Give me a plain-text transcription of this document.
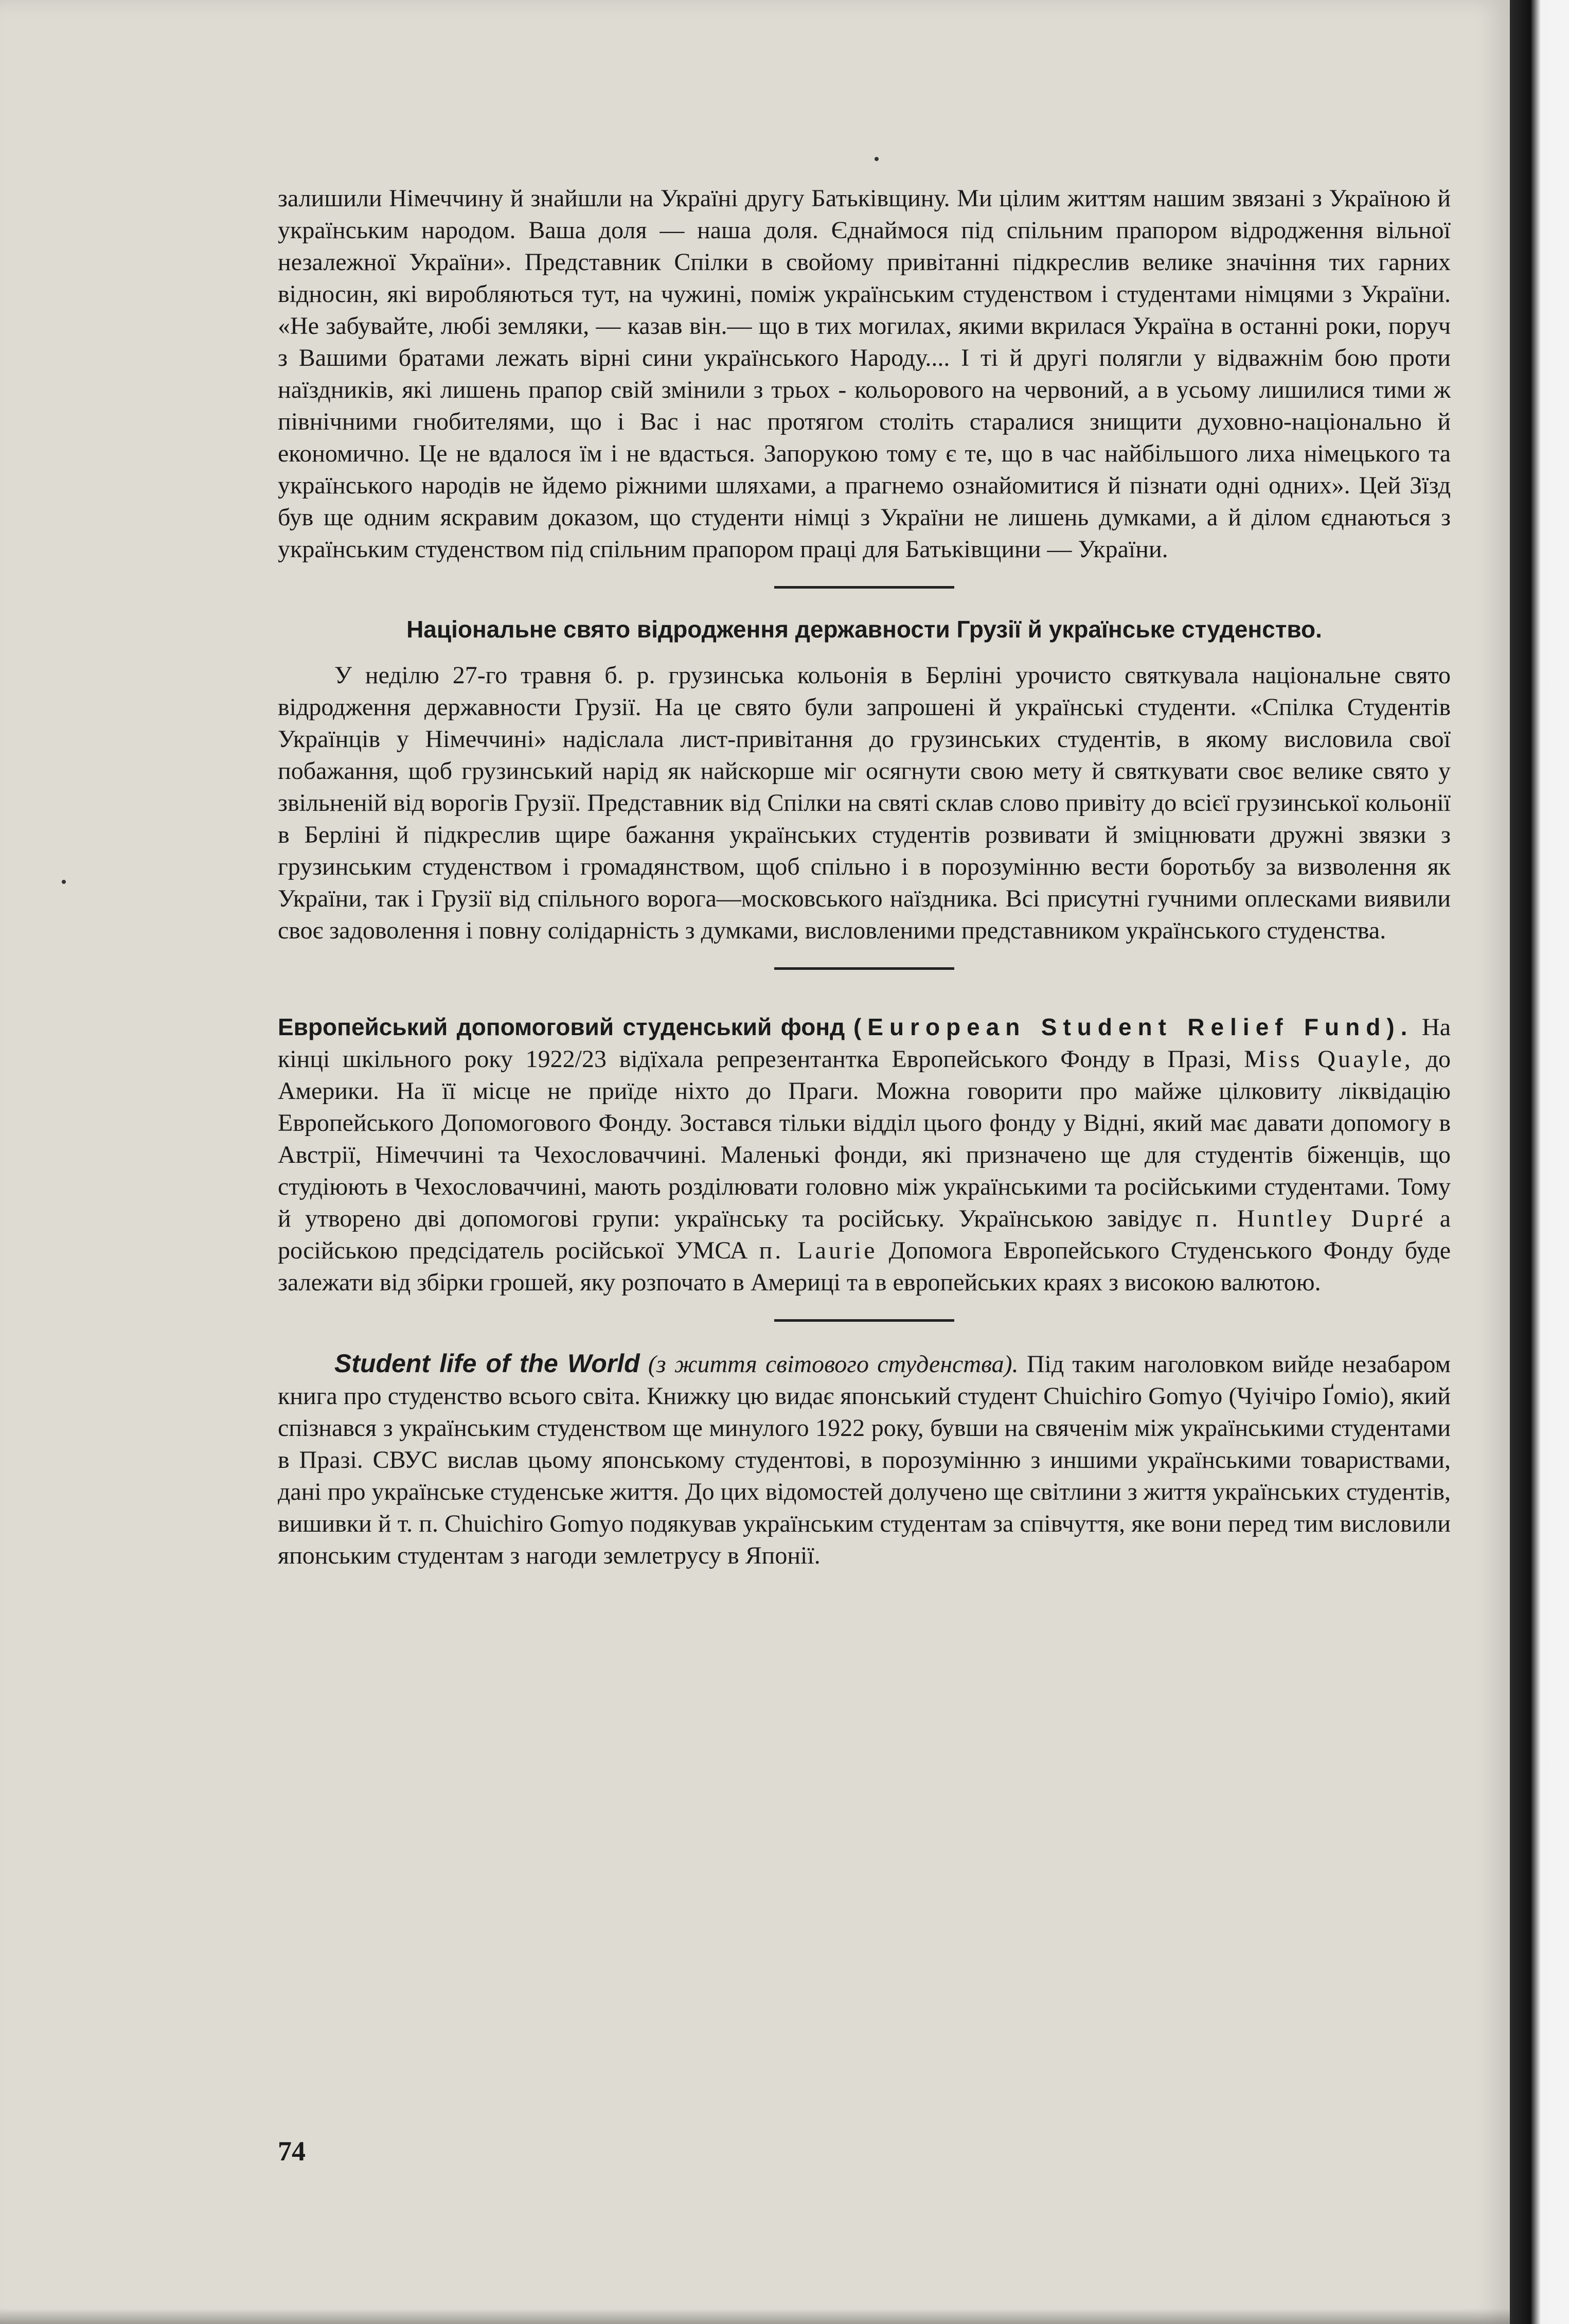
залишили Німеччину й знайшли на Україні другу Батьківщину. Ми цілим життям нашим звязані з Україною й українським народом. Ваша доля — наша доля. Єднаймося під спільним прапором відродження вільної незалежної України». Представник Спілки в свойому привітанні підкреслив велике значіння тих гарних відносин, які виробляються тут, на чужині, поміж українським студенством і студентами німцями з України. «Не забувайте, любі земляки, — казав він.— що в тих могилах, якими вкрилася Україна в останні роки, поруч з Вашими братами лежать вірні сини українського Народу.... І ті й другі полягли у відважнім бою проти наїздників, які лишень прапор свій змінили з трьох - кольорового на червоний, а в усьому лишилися тими ж північними гнобителями, що і Вас і нас протягом століть старалися знищити духовно-національно й економично. Це не вдалося їм і не вдасться. Запорукою тому є те, що в час найбільшого лиха німецького та українського народів не йдемо ріжними шляхами, а прагнемо ознайомитися й пізнати одні одних». Цей Зїзд був ще одним яскравим доказом, що студенти німці з України не лишень думками, а й ділом єднаються з українським студенством під спільним прапором праці для Батьківщини — України.

Національне свято відродження державности Грузії й українське студенство.

У неділю 27-го травня б. р. грузинська кольонія в Берліні урочисто святкувала національне свято відродження державности Грузії. На це свято були запрошені й українські студенти. «Спілка Студентів Українців у Німеччині» надіслала лист-привітання до грузинських студентів, в якому висловила свої побажання, щоб грузинський нарід як найскорше міг осягнути свою мету й святкувати своє велике свято у звільненій від ворогів Грузії. Представник від Спілки на святі склав слово привіту до всієї грузинської кольонії в Берліні й підкреслив щире бажання українських студентів розвивати й зміцнювати дружні звязки з грузинським студенством і громадянством, щоб спільно і в порозумінню вести боротьбу за визволення як України, так і Грузії від спільного ворога—московського наїздника. Всі присутні гучними оплесками виявили своє задоволення і повну солідарність з думками, висловленими представником українського студенства.

Европейський допомоговий студенський фонд (European Student Relief Fund). На кінці шкільного року 1922/23 відїхала репрезентантка Европейського Фонду в Празі, Miss Quayle, до Америки. На її місце не приїде ніхто до Праги. Можна говорити про майже цілковиту ліквідацію Европейського Допомогового Фонду. Зостався тільки відділ цього фонду у Відні, який має давати допомогу в Австрії, Німеччині та Чехословаччині. Маленькі фонди, які призначено ще для студентів біженців, що студіюють в Чехословаччині, мають розділювати головно між українськими та російськими студентами. Тому й утворено дві допомогові групи: українську та російську. Українською завідує п. Huntley Dupré а російською предсідатель російської УМСА п. Laurie Допомога Европейського Студенського Фонду буде залежати від збірки грошей, яку розпочато в Америці та в европейських краях з високою валютою.

Student life of the World (з життя світового студенства). Під таким наголовком вийде незабаром книга про студенство всього світа. Книжку цю видає японський студент Chuichiro Gomyo (Чуічіро Ґоміо), який спізнався з українським студенством ще минулого 1922 року, бувши на свяченім між українськими студентами в Празі. СВУС вислав цьому японському студентові, в порозумінню з иншими українськими товариствами, дані про українське студенське життя. До цих відомостей долучено ще світлини з життя українських студентів, вишивки й т. п. Chuichiro Gomyo подякував українським студентам за співчуття, яке вони перед тим висловили японським студентам з нагоди землетрусу в Японії.

74
